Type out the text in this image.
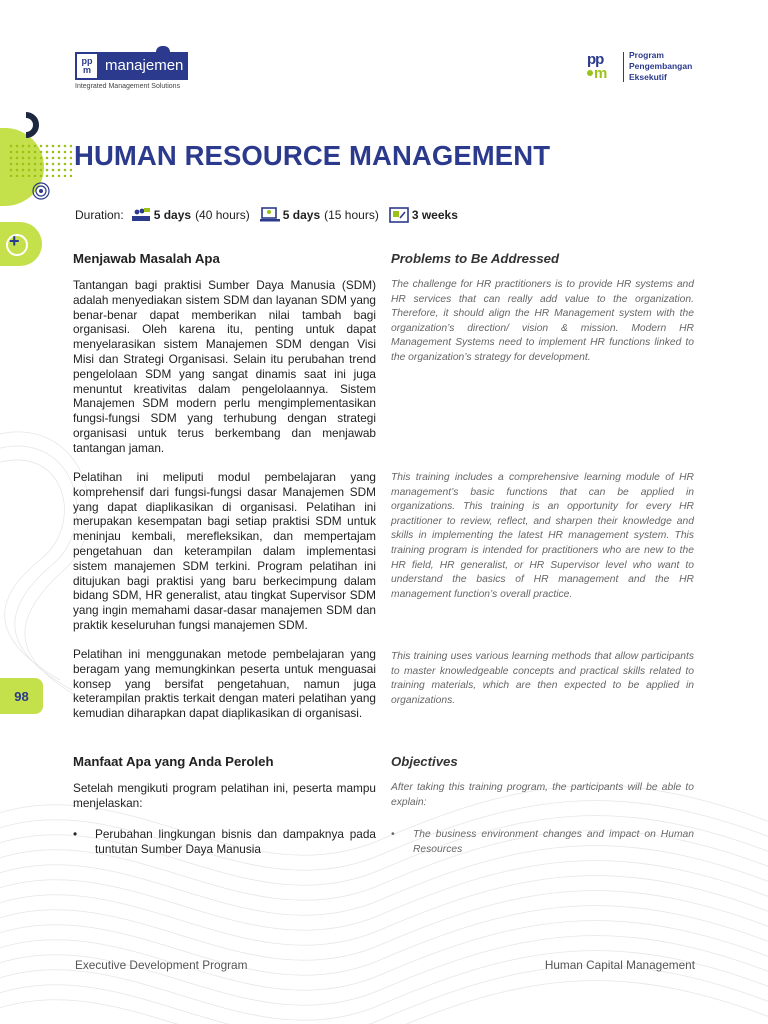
pp
m manajemen
Integrated Management Solutions
pp
m
Program
Pengembangan
Eksekutif
+
98
HUMAN RESOURCE MANAGEMENT
Duration:	5 days (40 hours)	5 days (15 hours)	3 weeks
Menjawab Masalah Apa

Tantangan bagi praktisi Sumber Daya Manusia (SDM) adalah menyediakan sistem SDM dan layanan SDM yang benar-benar dapat memberikan nilai tambah bagi organisasi. Oleh karena itu, penting untuk dapat menyelarasikan sistem Manajemen SDM dengan Visi Misi dan Strategi Organisasi. Selain itu perubahan trend pengelolaan SDM yang sangat dinamis saat ini juga menuntut kreativitas dalam pengelolaannya. Sistem Manajemen SDM modern perlu mengimplementasikan fungsi-fungsi SDM yang terhubung dengan strategi organisasi untuk terus berkembang dan menjawab tantangan jaman.

Pelatihan ini meliputi modul pembelajaran yang komprehensif dari fungsi-fungsi dasar Manajemen SDM yang dapat diaplikasikan di organisasi. Pelatihan ini merupakan kesempatan bagi setiap praktisi SDM untuk meninjau kembali, merefleksikan, dan mempertajam pengetahuan dan keterampilan dalam implementasi sistem manajemen SDM terkini. Program pelatihan ini ditujukan bagi praktisi yang baru berkecimpung dalam bidang SDM, HR generalist, atau tingkat Supervisor SDM yang ingin memahami dasar-dasar manajemen SDM dan praktik keseluruhan fungsi manajemen SDM.

Pelatihan ini menggunakan metode pembelajaran yang beragam yang memungkinkan peserta untuk menguasai konsep yang bersifat pengetahuan, namun juga keterampilan praktis terkait dengan materi pelatihan yang kemudian diharapkan dapat diaplikasikan di organisasi.

Manfaat Apa yang Anda Peroleh

Setelah mengikuti program pelatihan ini, peserta mampu menjelaskan:

•	Perubahan lingkungan bisnis dan dampaknya pada tuntutan Sumber Daya Manusia
Problems to Be Addressed

The challenge for HR practitioners is to provide HR systems and HR services that can really add value to the organization. Therefore, it should align the HR Management system with the organization’s direction/ vision & mission. Modern HR Management Systems need to implement HR functions linked to the organization’s strategy for development.

This training includes a comprehensive learning module of HR management’s basic functions that can be applied in organizations. This training is an opportunity for every HR practitioner to review, reflect, and sharpen their knowledge and skills in implementing the latest HR management system. This training program is intended for practitioners who are new to the HR field, HR generalist, or HR Supervisor level who want to understand the basics of HR management and the HR management function’s overall practice.

This training uses various learning methods that allow participants to master knowledgeable concepts and practical skills related to training materials, which are then expected to be applied in organizations.

Objectives

After taking this training program, the participants will be able to explain:

•	The business environment changes and impact on Human Resources
Executive Development Program	Human Capital Management
